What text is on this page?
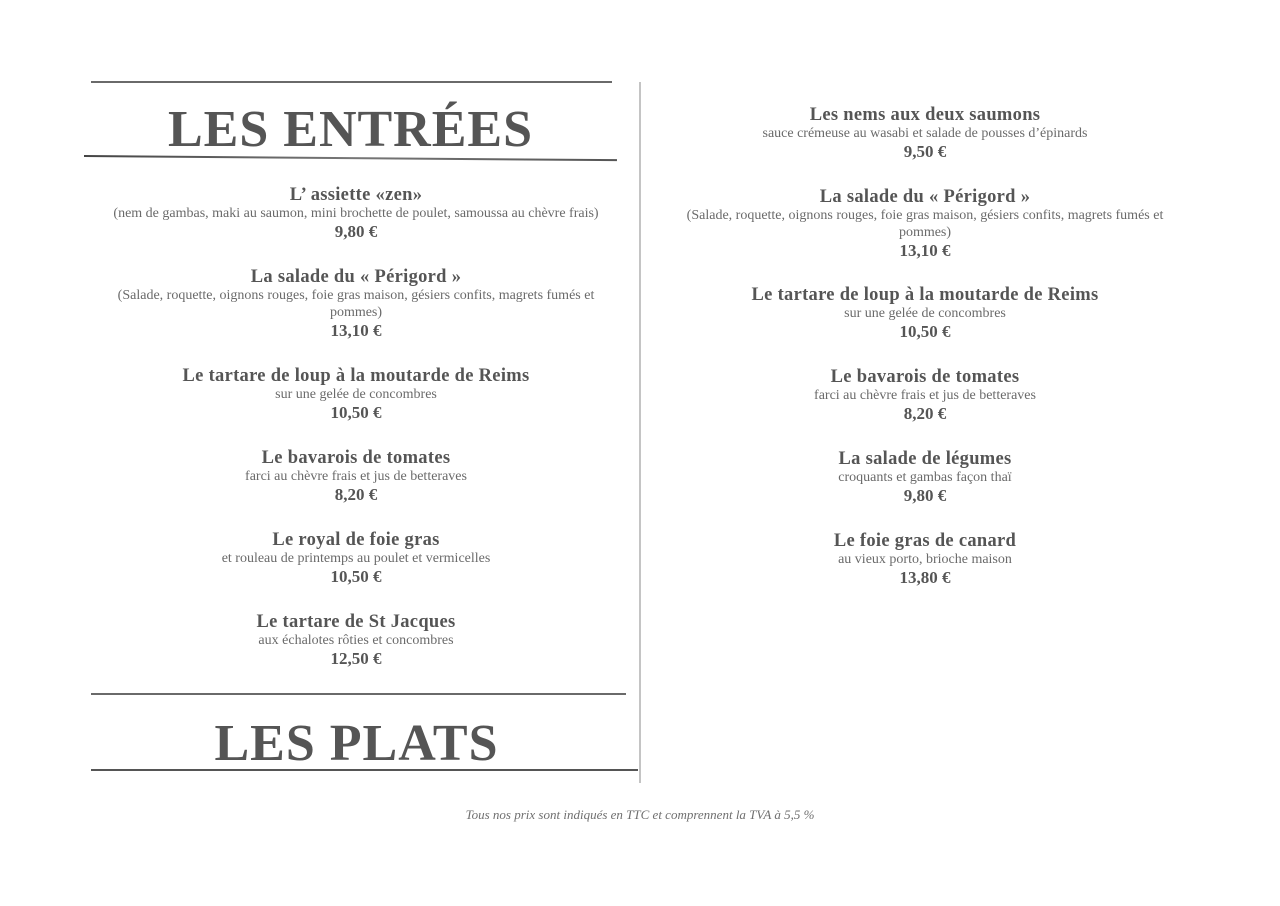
LES ENTRÉES
LES PLATS
L’ assiette «zen»
(nem de gambas, maki au saumon, mini brochette de poulet, samoussa au chèvre frais)
9,80 €
La salade du « Périgord »
(Salade, roquette, oignons rouges, foie gras maison, gésiers confits, magrets fumés et pommes)
13,10 €
Le tartare de loup à la moutarde de Reims
sur une gelée de concombres
10,50 €
Le bavarois de tomates
farci au chèvre frais et jus de betteraves
8,20 €
Le royal de foie gras
et rouleau de printemps au poulet et vermicelles
10,50 €
Le tartare de St Jacques
aux échalotes rôties et concombres
12,50 €
Les nems aux deux saumons
sauce crémeuse au wasabi et salade de pousses d’épinards
9,50 €
La salade du « Périgord »
(Salade, roquette, oignons rouges, foie gras maison, gésiers confits, magrets fumés et pommes)
13,10 €
Le tartare de loup à la moutarde de Reims
sur une gelée de concombres
10,50 €
Le bavarois de tomates
farci au chèvre frais et jus de betteraves
8,20 €
La salade de légumes
croquants et gambas façon thaï
9,80 €
Le foie gras de canard
au vieux porto, brioche maison
13,80 €
Tous nos prix sont indiqués en TTC et comprennent la TVA à 5,5 %
